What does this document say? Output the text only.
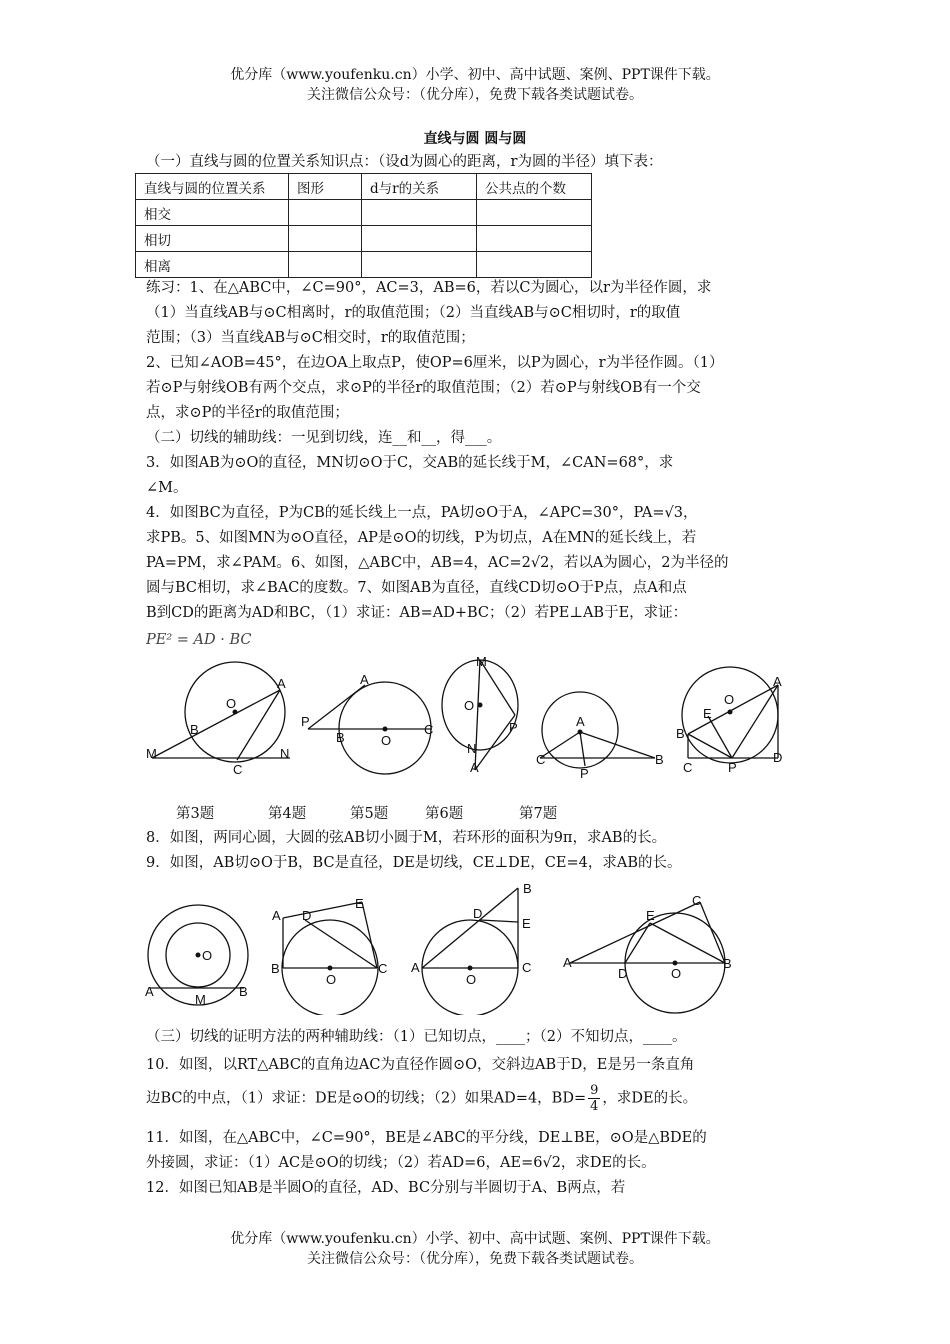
优分库（www.youfenku.cn）小学、初中、高中试题、案例、PPT课件下载。
关注微信公众号：（优分库），免费下载各类试题试卷。
直线与圆 圆与圆
（一）直线与圆的位置关系知识点：（设d为圆心的距离，r为圆的半径）填下表：
直线与圆的位置关系	图形	d与r的关系	公共点的个数
相交			
相切			
相离			
练习：1、在△ABC中，∠C=90°，AC=3，AB=6，若以C为圆心，以r为半径作圆，求
（1）当直线AB与⊙C相离时，r的取值范围；（2）当直线AB与⊙C相切时，r的取值
范围；（3）当直线AB与⊙C相交时，r的取值范围；
2、已知∠AOB=45°，在边OA上取点P，使OP=6厘米，以P为圆心，r为半径作圆。（1）
若⊙P与射线OB有两个交点，求⊙P的半径r的取值范围；（2）若⊙P与射线OB有一个交
点，求⊙P的半径r的取值范围；
（二）切线的辅助线：一见到切线，连__和__，得___。
3．如图AB为⊙O的直径，MN切⊙O于C，交AB的延长线于M，∠CAN=68°，求
∠M。
4．如图BC为直径，P为CB的延长线上一点，PA切⊙O于A，∠APC=30°，PA=√3，
求PB。5、如图MN为⊙O直径，AP是⊙O的切线，P为切点，A在MN的延长线上，若
PA=PM，求∠PAM。6、如图，△ABC中，AB=4，AC=2√2，若以A为圆心，2为半径的
圆与BC相切，求∠BAC的度数。7、如图AB为直径，直线CD切⊙O于P点，点A和点
B到CD的距离为AD和BC，（1）求证：AB=AD+BC；（2）若PE⊥AB于E，求证：
PE² = AD · BC
O
A
B
M
C
N
A
P
B	O
C
M
O
P
N
A
A
C
P
B
O
A
E
B
C	P
D
第3题	第4题	第5题	第6题	第7题
8．如图，两同心圆，大圆的弦AB切小圆于M，若环形的面积为9π，求AB的长。
9．如图，AB切⊙O于B，BC是直径，DE是切线，CE⊥DE，CE=4，求AB的长。
O
A
M
B
A D
E
B
O
C
B
D
E
A
O
C
C
E
A
D	O
B
（三）切线的证明方法的两种辅助线：（1）已知切点，____；（2）不知切点，____。
10．如图，以RT△ABC的直角边AC为直径作圆⊙O，交斜边AB于D，E是另一条直角
边BC的中点，（1）求证：DE是⊙O的切线；（2）如果AD=4，$BD= \frac{9}{4}$ ，求DE的长。
11．如图，在△ABC中，∠C=90°，BE是∠ABC的平分线，DE⊥BE，⊙O是△BDE的
外接圆，求证：（1）AC是⊙O的切线；（2）若AD=6，AE=6√2，求DE的长。
12．如图已知AB是半圆O的直径，AD、BC分别与半圆切于A、B两点，若
优分库（www.youfenku.cn）小学、初中、高中试题、案例、PPT课件下载。
关注微信公众号：（优分库），免费下载各类试题试卷。
